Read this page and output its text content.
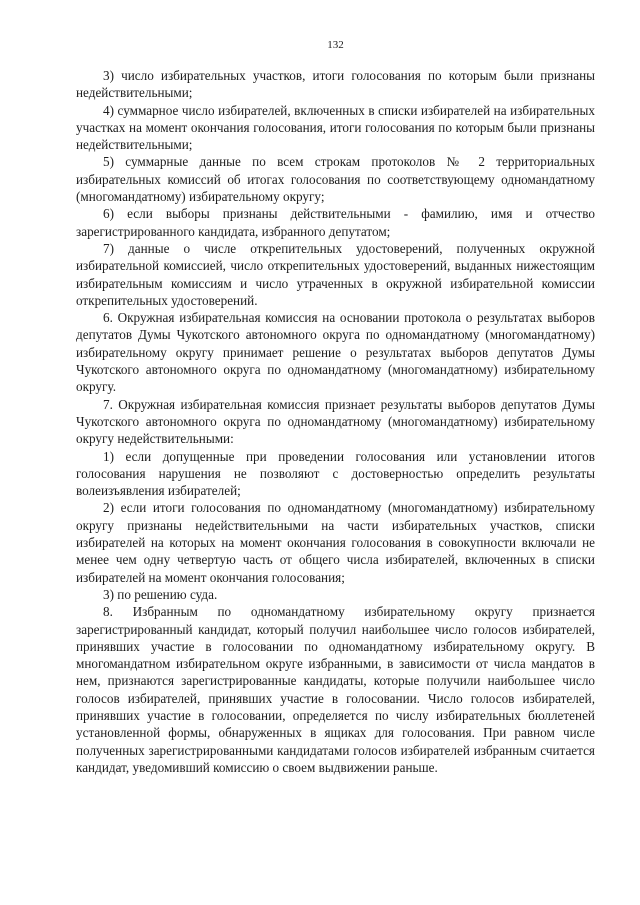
132

3) число избирательных участков, итоги голосования по которым были признаны недействительными;

4) суммарное число избирателей, включенных в списки избирателей на избирательных участках на момент окончания голосования, итоги голосования по которым были признаны недействительными;

5) суммарные данные по всем строкам протоколов № 2 территориальных избирательных комиссий об итогах голосования по соответствующему одномандатному (многомандатному) избирательному округу;

6) если выборы признаны действительными - фамилию, имя и отчество зарегистрированного кандидата, избранного депутатом;

7) данные о числе открепительных удостоверений, полученных окружной избирательной комиссией, число открепительных удостоверений, выданных нижестоящим избирательным комиссиям и число утраченных в окружной избирательной комиссии открепительных удостоверений.

6. Окружная избирательная комиссия на основании протокола о результатах выборов депутатов Думы Чукотского автономного округа по одномандатному (многомандатному) избирательному округу принимает решение о результатах выборов депутатов Думы Чукотского автономного округа по одномандатному (многомандатному) избирательному округу.

7. Окружная избирательная комиссия признает результаты выборов депутатов Думы Чукотского автономного округа по одномандатному (многомандатному) избирательному округу недействительными:

1) если допущенные при проведении голосования или установлении итогов голосования нарушения не позволяют с достоверностью определить результаты волеизъявления избирателей;

2) если итоги голосования по одномандатному (многомандатному) избирательному округу признаны недействительными на части избирательных участков, списки избирателей на которых на момент окончания голосования в совокупности включали не менее чем одну четвертую часть от общего числа избирателей, включенных в списки избирателей на момент окончания голосования;

3) по решению суда.

8. Избранным по одномандатному избирательному округу признается зарегистрированный кандидат, который получил наибольшее число голосов избирателей, принявших участие в голосовании по одномандатному избирательному округу. В многомандатном избирательном округе избранными, в зависимости от числа мандатов в нем, признаются зарегистрированные кандидаты, которые получили наибольшее число голосов избирателей, принявших участие в голосовании. Число голосов избирателей, принявших участие в голосовании, определяется по числу избирательных бюллетеней установленной формы, обнаруженных в ящиках для голосования. При равном числе полученных зарегистрированными кандидатами голосов избирателей избранным считается кандидат, уведомивший комиссию о своем выдвижении раньше.
